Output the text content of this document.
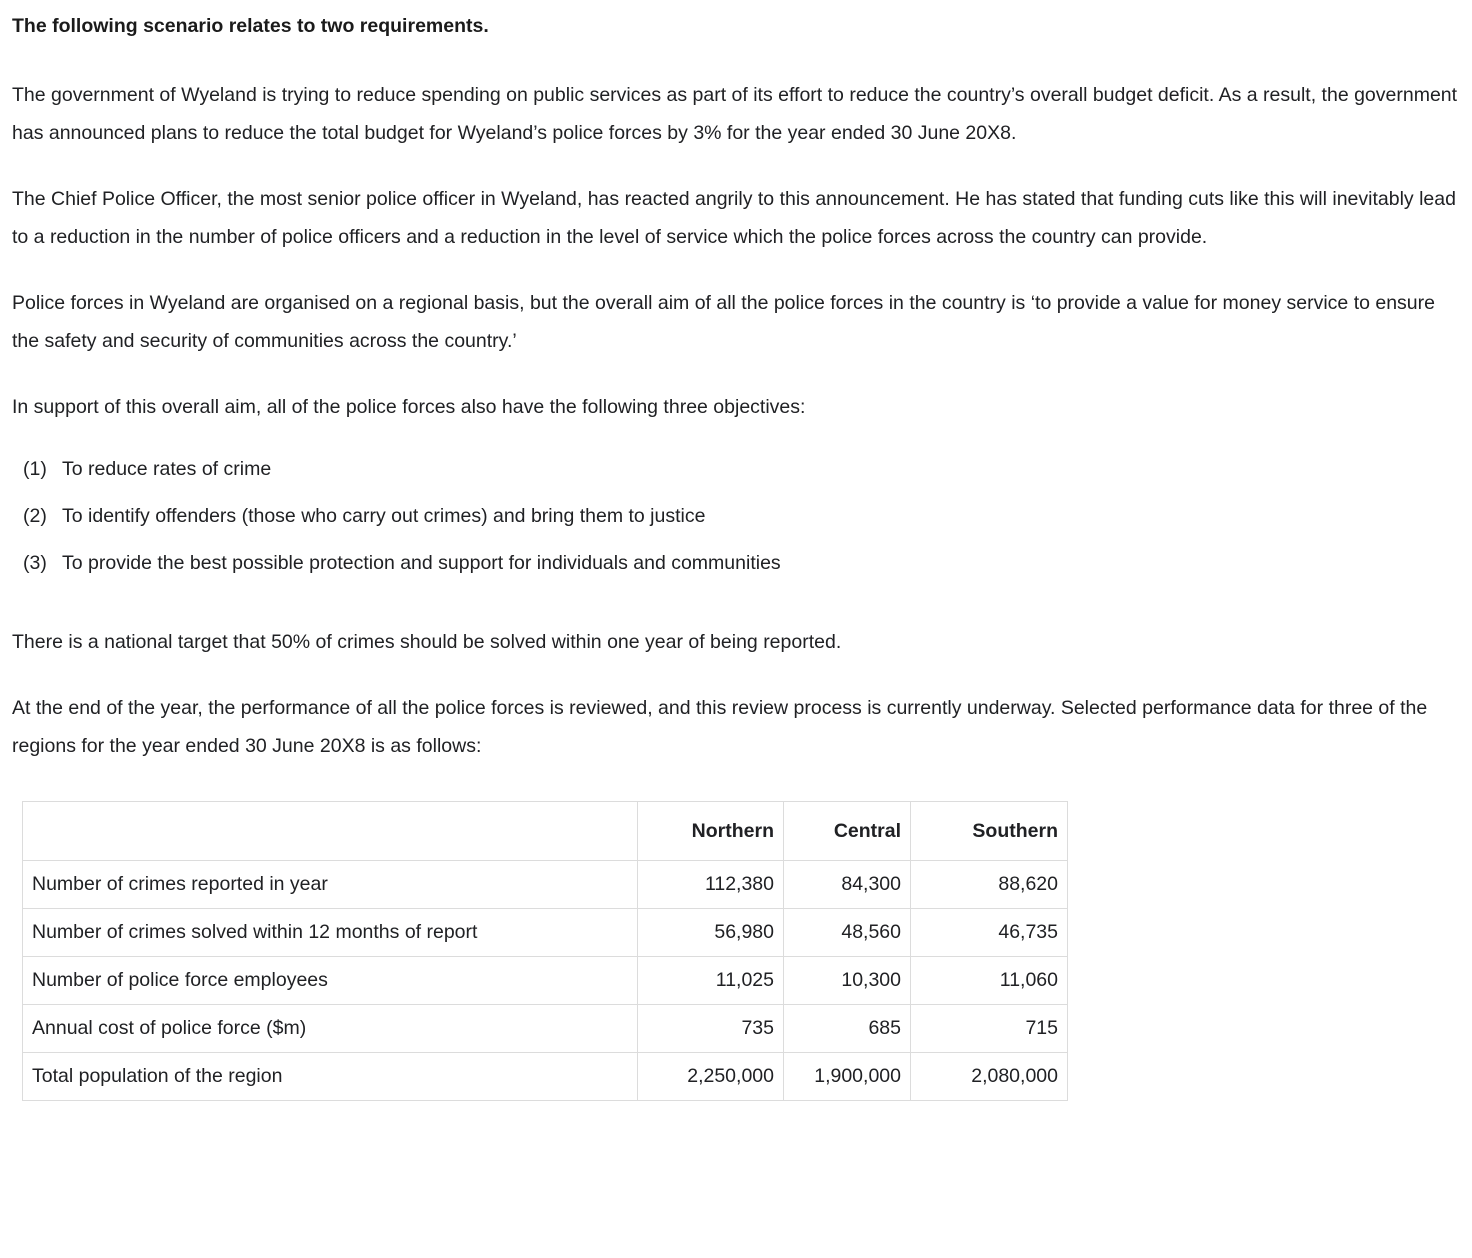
The following scenario relates to two requirements.

The government of Wyeland is trying to reduce spending on public services as part of its effort to reduce the country’s overall budget deficit. As a result, the government has announced plans to reduce the total budget for Wyeland’s police forces by 3% for the year ended 30 June 20X8.

The Chief Police Officer, the most senior police officer in Wyeland, has reacted angrily to this announcement. He has stated that funding cuts like this will inevitably lead to a reduction in the number of police officers and a reduction in the level of service which the police forces across the country can provide.

Police forces in Wyeland are organised on a regional basis, but the overall aim of all the police forces in the country is ‘to provide a value for money service to ensure the safety and security of communities across the country.’

In support of this overall aim, all of the police forces also have the following three objectives:

(1) To reduce rates of crime
(2) To identify offenders (those who carry out crimes) and bring them to justice
(3) To provide the best possible protection and support for individuals and communities

There is a national target that 50% of crimes should be solved within one year of being reported.

At the end of the year, the performance of all the police forces is reviewed, and this review process is currently underway. Selected performance data for three of the regions for the year ended 30 June 20X8 is as follows:

	Northern	Central	Southern
Number of crimes reported in year	112,380	84,300	88,620
Number of crimes solved within 12 months of report	56,980	48,560	46,735
Number of police force employees	11,025	10,300	11,060
Annual cost of police force ($m)	735	685	715
Total population of the region	2,250,000	1,900,000	2,080,000
